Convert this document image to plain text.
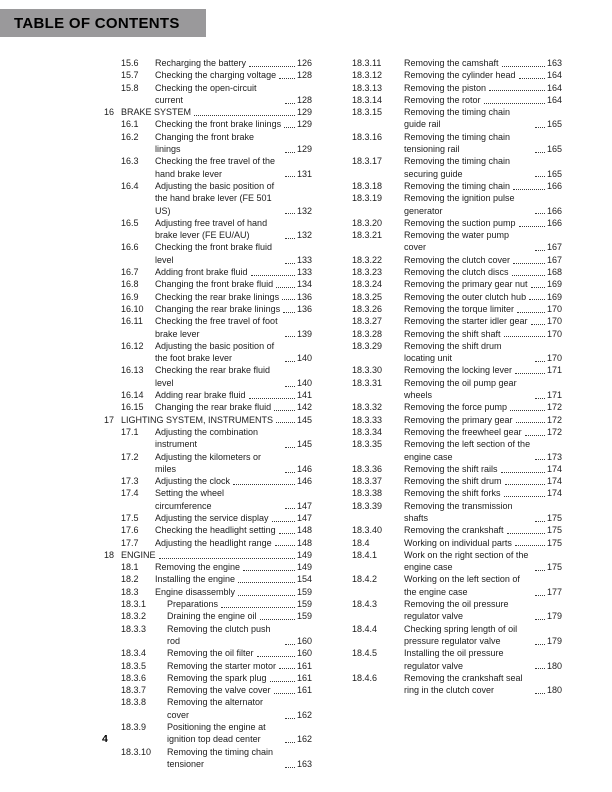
TABLE OF CONTENTS
15.6	Recharging the battery	126
15.7	Checking the charging voltage 128
15.8	Checking the open-circuit current	128
16 BRAKE SYSTEM	129
16.1	Checking the front brake linings 129
16.2	Changing the front brake linings	129
16.3	Checking the free travel of the hand brake lever	131
16.4	Adjusting the basic position of the hand brake lever (FE 501 US)	132
16.5	Adjusting free travel of hand brake lever (FE EU/AU)	132
16.6	Checking the front brake fluid level	133
16.7	Adding front brake fluid	133
16.8	Changing the front brake fluid	134
16.9	Checking the rear brake linings 136
16.10	Changing the rear brake linings 136
16.11	Checking the free travel of foot brake lever	139
16.12	Adjusting the basic position of the foot brake lever	140
16.13	Checking the rear brake fluid level	140
16.14	Adding rear brake fluid	141
16.15	Changing the rear brake fluid	142
17 LIGHTING SYSTEM, INSTRUMENTS	145
17.1	Adjusting the combination instrument	145
17.2	Adjusting the kilometers or miles	146
17.3	Adjusting the clock	146
17.4	Setting the wheel circumference	147
17.5	Adjusting the service display	147
17.6	Checking the headlight setting 148
17.7	Adjusting the headlight range	148
18 ENGINE	149
18.1	Removing the engine	149
18.2	Installing the engine	154
18.3	Engine disassembly	159
18.3.1	Preparations	159
18.3.2	Draining the engine oil	159
18.3.3	Removing the clutch push rod	160
18.3.4	Removing the oil filter	160
18.3.5	Removing the starter motor 161
18.3.6	Removing the spark plug	161
18.3.7	Removing the valve cover	161
18.3.8	Removing the alternator cover	162
18.3.9	Positioning the engine at ignition top dead center	162
18.3.10	Removing the timing chain tensioner	163
18.3.11	Removing the camshaft	163
18.3.12	Removing the cylinder head	164
18.3.13	Removing the piston	164
18.3.14	Removing the rotor	164
18.3.15	Removing the timing chain guide rail	165
18.3.16	Removing the timing chain tensioning rail	165
18.3.17	Removing the timing chain securing guide	165
18.3.18	Removing the timing chain	166
18.3.19	Removing the ignition pulse generator	166
18.3.20	Removing the suction pump	166
18.3.21	Removing the water pump cover	167
18.3.22	Removing the clutch cover	167
18.3.23	Removing the clutch discs	168
18.3.24	Removing the primary gear nut 169
18.3.25	Removing the outer clutch hub 169
18.3.26	Removing the torque limiter	170
18.3.27	Removing the starter idler gear 170
18.3.28	Removing the shift shaft	170
18.3.29	Removing the shift drum locating unit	170
18.3.30	Removing the locking lever	171
18.3.31	Removing the oil pump gear wheels	171
18.3.32	Removing the force pump	172
18.3.33	Removing the primary gear	172
18.3.34	Removing the freewheel gear	172
18.3.35	Removing the left section of the engine case	173
18.3.36	Removing the shift rails	174
18.3.37	Removing the shift drum	174
18.3.38	Removing the shift forks	174
18.3.39	Removing the transmission shafts	175
18.3.40	Removing the crankshaft	175
18.4	Working on individual parts	175
18.4.1	Work on the right section of the engine case	175
18.4.2	Working on the left section of the engine case	177
18.4.3	Removing the oil pressure regulator valve	179
18.4.4	Checking spring length of oil pressure regulator valve	179
18.4.5	Installing the oil pressure regulator valve	180
18.4.6	Removing the crankshaft seal ring in the clutch cover	180
4
